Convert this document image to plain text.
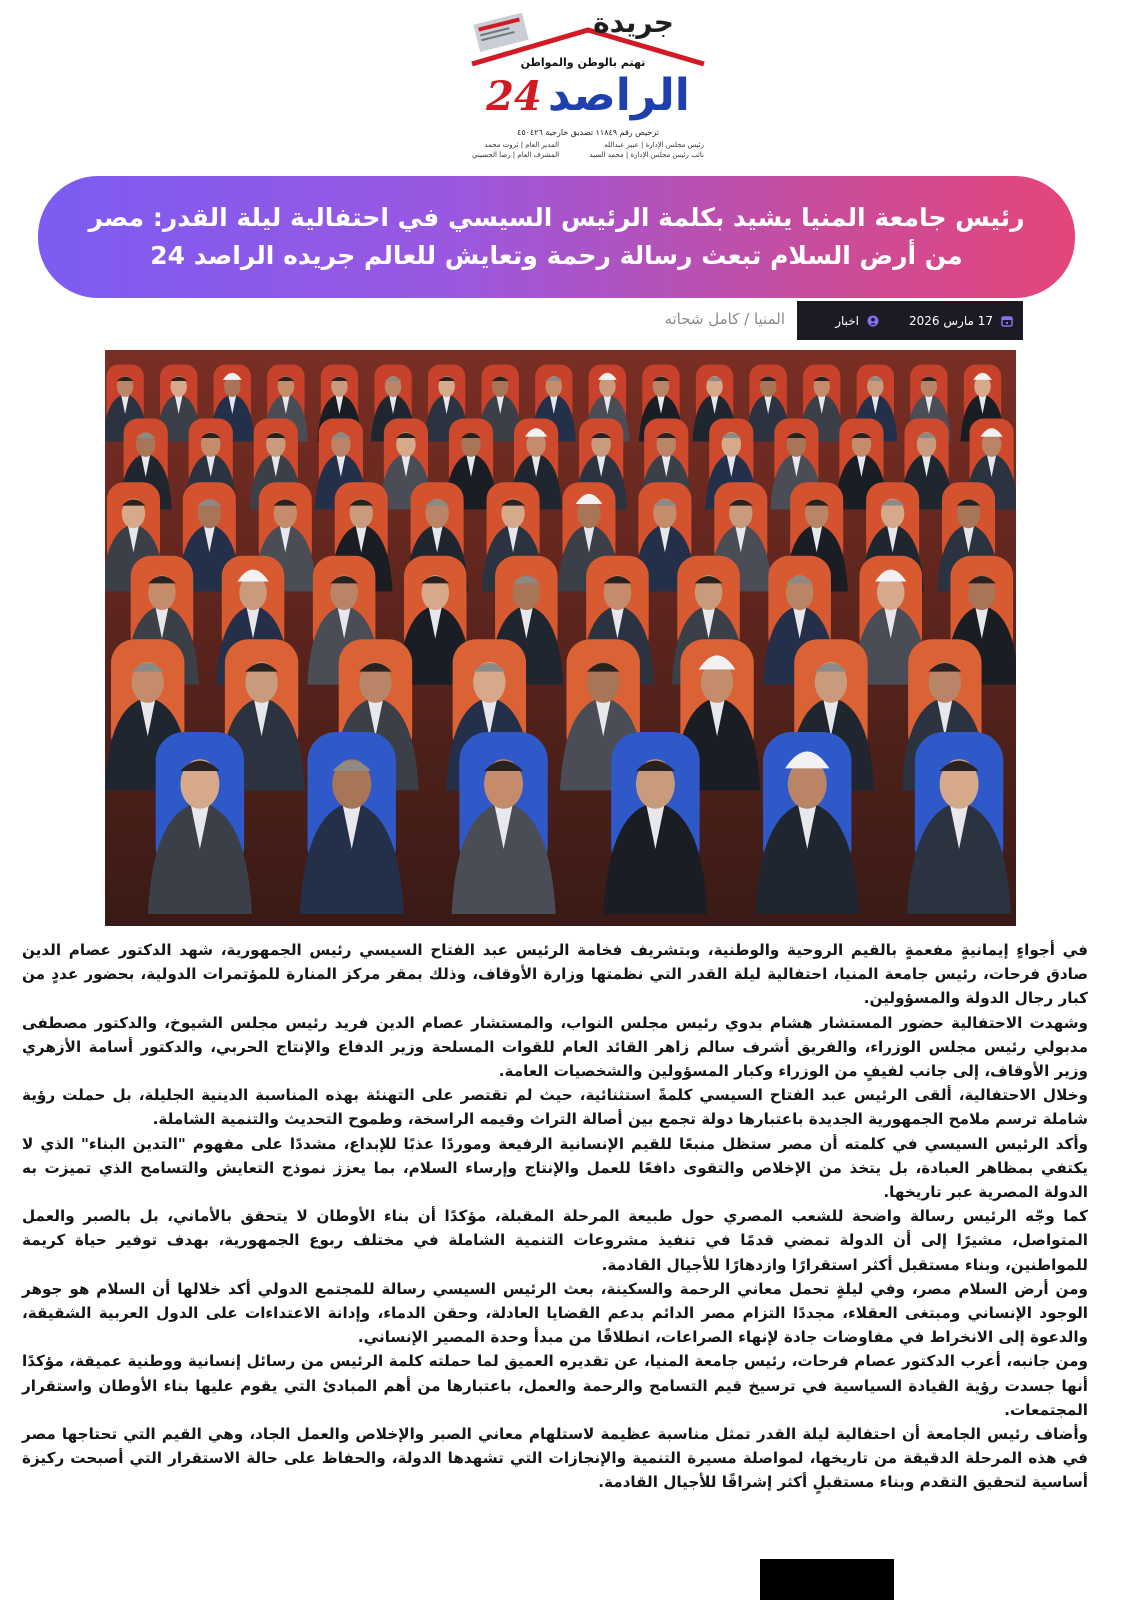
جريدة
تهتم بالوطن والمواطن
الراصد24
ترخيص رقم ١١٨٤٩ تصديق خارجية ٤٥٠٤٢٦
رئيس مجلس الإدارة | عبير عبدالله
نائب رئيس مجلس الإدارة | محمد السيد
المدير العام | ثروت محمد
المشرف العام | رضا الحسيني
رئيس جامعة المنيا يشيد بكلمة الرئيس السيسي في احتفالية ليلة القدر: مصر من أرض السلام تبعث رسالة رحمة وتعايش للعالم جريده الراصد 24
17 مارس 2026
اخبار
المنيا / كامل شحاته

في أجواءٍ إيمانيةٍ مفعمةٍ بالقيم الروحية والوطنية، وبتشريف فخامة الرئيس عبد الفتاح السيسي رئيس الجمهورية، شهد الدكتور عصام الدين صادق فرحات، رئيس جامعة المنيا، احتفالية ليلة القدر التي نظمتها وزارة الأوقاف، وذلك بمقر مركز المنارة للمؤتمرات الدولية، بحضور عددٍ من كبار رجال الدولة والمسؤولين.

وشهدت الاحتفالية حضور المستشار هشام بدوي رئيس مجلس النواب، والمستشار عصام الدين فريد رئيس مجلس الشيوخ، والدكتور مصطفى مدبولي رئيس مجلس الوزراء، والفريق أشرف سالم زاهر القائد العام للقوات المسلحة وزير الدفاع والإنتاج الحربي، والدكتور أسامة الأزهري وزير الأوقاف، إلى جانب لفيفٍ من الوزراء وكبار المسؤولين والشخصيات العامة.

وخلال الاحتفالية، ألقى الرئيس عبد الفتاح السيسي كلمةً استثنائية، حيث لم تقتصر على التهنئة بهذه المناسبة الدينية الجليلة، بل حملت رؤية شاملة ترسم ملامح الجمهورية الجديدة باعتبارها دولة تجمع بين أصالة التراث وقيمه الراسخة، وطموح التحديث والتنمية الشاملة.

وأكد الرئيس السيسي في كلمته أن مصر ستظل منبعًا للقيم الإنسانية الرفيعة وموردًا عذبًا للإبداع، مشددًا على مفهوم "التدين البناء" الذي لا يكتفي بمظاهر العبادة، بل يتخذ من الإخلاص والتقوى دافعًا للعمل والإنتاج وإرساء السلام، بما يعزز نموذج التعايش والتسامح الذي تميزت به الدولة المصرية عبر تاريخها.

كما وجّه الرئيس رسالة واضحة للشعب المصري حول طبيعة المرحلة المقبلة، مؤكدًا أن بناء الأوطان لا يتحقق بالأماني، بل بالصبر والعمل المتواصل، مشيرًا إلى أن الدولة تمضي قدمًا في تنفيذ مشروعات التنمية الشاملة في مختلف ربوع الجمهورية، بهدف توفير حياة كريمة للمواطنين، وبناء مستقبل أكثر استقرارًا وازدهارًا للأجيال القادمة.

ومن أرض السلام مصر، وفي ليلةٍ تحمل معاني الرحمة والسكينة، بعث الرئيس السيسي رسالة للمجتمع الدولي أكد خلالها أن السلام هو جوهر الوجود الإنساني ومبتغى العقلاء، مجددًا التزام مصر الدائم بدعم القضايا العادلة، وحقن الدماء، وإدانة الاعتداءات على الدول العربية الشقيقة، والدعوة إلى الانخراط في مفاوضات جادة لإنهاء الصراعات، انطلاقًا من مبدأ وحدة المصير الإنساني.

ومن جانبه، أعرب الدكتور عصام فرحات، رئيس جامعة المنيا، عن تقديره العميق لما حملته كلمة الرئيس من رسائل إنسانية ووطنية عميقة، مؤكدًا أنها جسدت رؤية القيادة السياسية في ترسيخ قيم التسامح والرحمة والعمل، باعتبارها من أهم المبادئ التي يقوم عليها بناء الأوطان واستقرار المجتمعات.

وأضاف رئيس الجامعة أن احتفالية ليلة القدر تمثل مناسبة عظيمة لاستلهام معاني الصبر والإخلاص والعمل الجاد، وهي القيم التي تحتاجها مصر في هذه المرحلة الدقيقة من تاريخها، لمواصلة مسيرة التنمية والإنجازات التي تشهدها الدولة، والحفاظ على حالة الاستقرار التي أصبحت ركيزة أساسية لتحقيق التقدم وبناء مستقبلٍ أكثر إشراقًا للأجيال القادمة.
